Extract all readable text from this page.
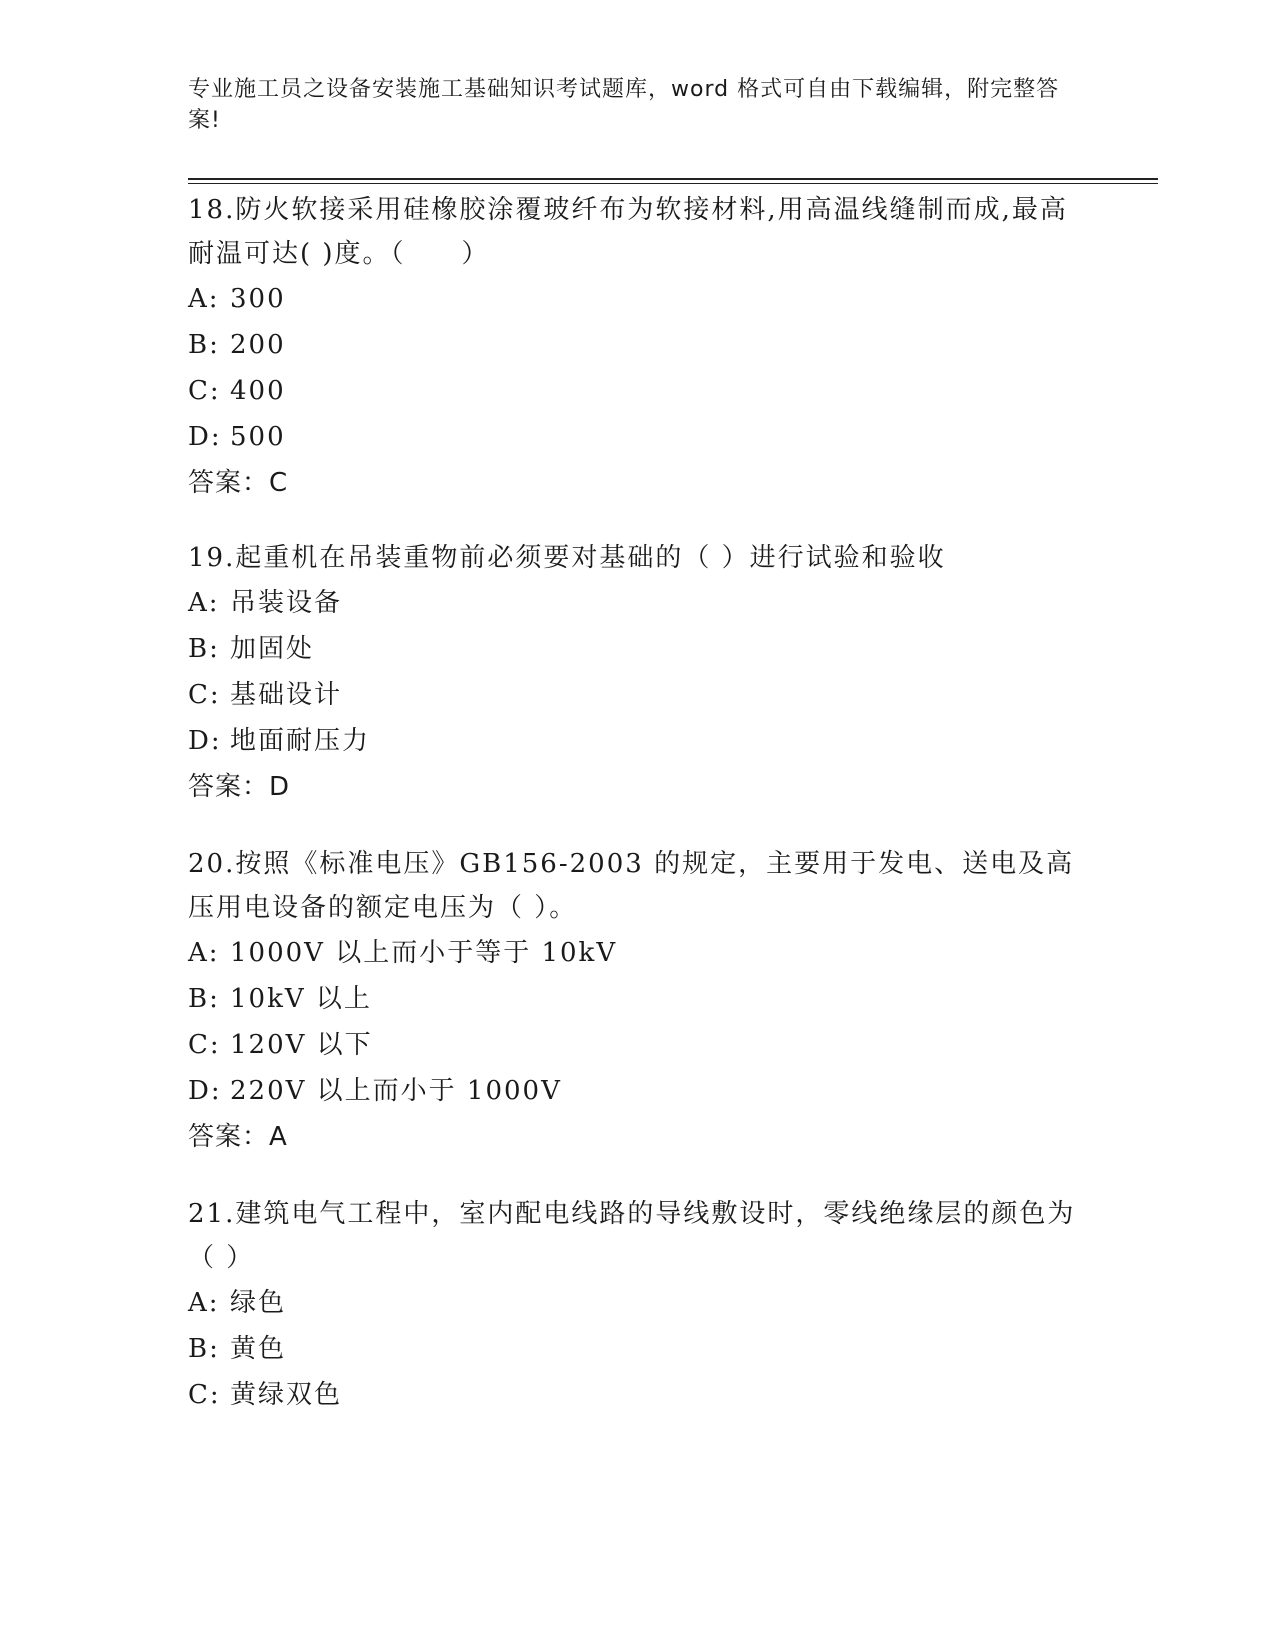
专业施工员之设备安装施工基础知识考试题库，word 格式可自由下载编辑，附完整答案!

18.防火软接采用硅橡胶涂覆玻纤布为软接材料,用高温线缝制而成,最高耐温可达( )度。（　　）

A: 300

B: 200

C: 400

D: 500

答案：C

19.起重机在吊装重物前必须要对基础的（ ）进行试验和验收

A: 吊装设备

B: 加固处

C: 基础设计

D: 地面耐压力

答案：D

20.按照《标准电压》GB156-2003 的规定，主要用于发电、送电及高压用电设备的额定电压为（ ）。

A: 1000V 以上而小于等于 10kV

B: 10kV 以上

C: 120V 以下

D: 220V 以上而小于 1000V

答案：A

21.建筑电气工程中，室内配电线路的导线敷设时，零线绝缘层的颜色为（ ）

A: 绿色

B: 黄色

C: 黄绿双色
